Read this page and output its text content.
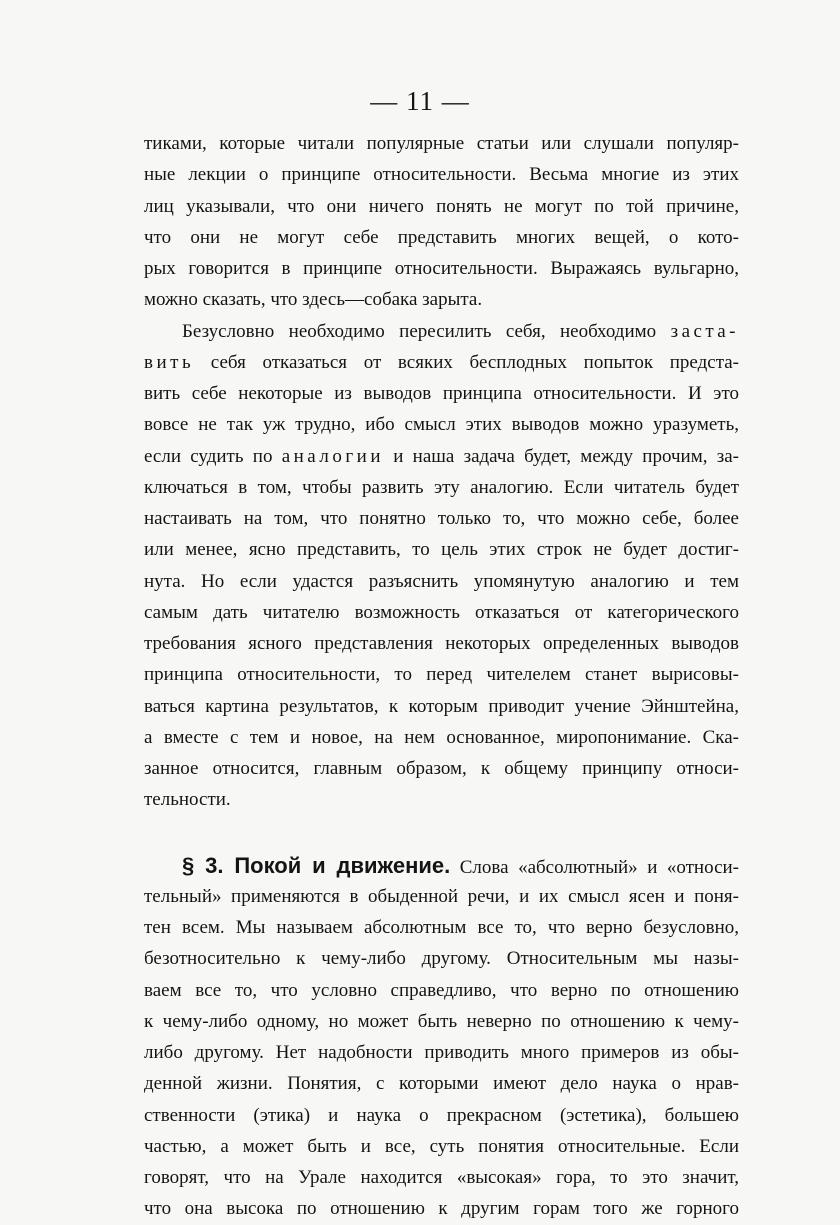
— 11 —
тиками, которые читали популярные статьи или слушали популяр-
ные лекции о принципе относительности. Весьма многие из этих
лиц указывали, что они ничего понять не могут по той причине,
что они не могут себе представить многих вещей, о кото-
рых говорится в принципе относительности. Выражаясь вульгарно,
можно сказать, что здесь—собака зарыта.
Безусловно необходимо пересилить себя, необходимо застa-
вить себя отказаться от всяких бесплодных попыток предста-
вить себе некоторые из выводов принципа относительности. И это
вовсе не так уж трудно, ибо смысл этих выводов можно уразуметь,
если судить по аналогии и наша задача будет, между прочим, за-
ключаться в том, чтобы развить эту аналогию. Если читатель будет
настаивать на том, что понятно только то, что можно себе, более
или менее, ясно представить, то цель этих строк не будет достиг-
нута. Но если удастся разъяснить упомянутую аналогию и тем
самым дать читателю возможность отказаться от категорического
требования ясного представления некоторых определенных выводов
принципа относительности, то перед чителелем станет вырисовы-
ваться картина результатов, к которым приводит учение Эйнштейна,
а вместе с тем и новое, на нем основанное, миропонимание. Ска-
занное относится, главным образом, к общему принципу относи-
тельности.
§ 3. Покой и движение. Слова «абсолютный» и «относи-
тельный» применяются в обыденной речи, и их смысл ясен и поня-
тен всем. Мы называем абсолютным все то, что верно безусловно,
безотносительно к чему-либо другому. Относительным мы назы-
ваем все то, что условно справедливо, что верно по отношению
к чему-либо одному, но может быть неверно по отношению к чему-
либо другому. Нет надобности приводить много примеров из обы-
денной жизни. Понятия, с которыми имеют дело наука о нрав-
ственности (этика) и наука о прекрасном (эстетика), большею
частью, а может быть и все, суть понятия относительные. Если
говорят, что на Урале находится «высокая» гора, то это значит,
что она высока по отношению к другим горам того же горного
